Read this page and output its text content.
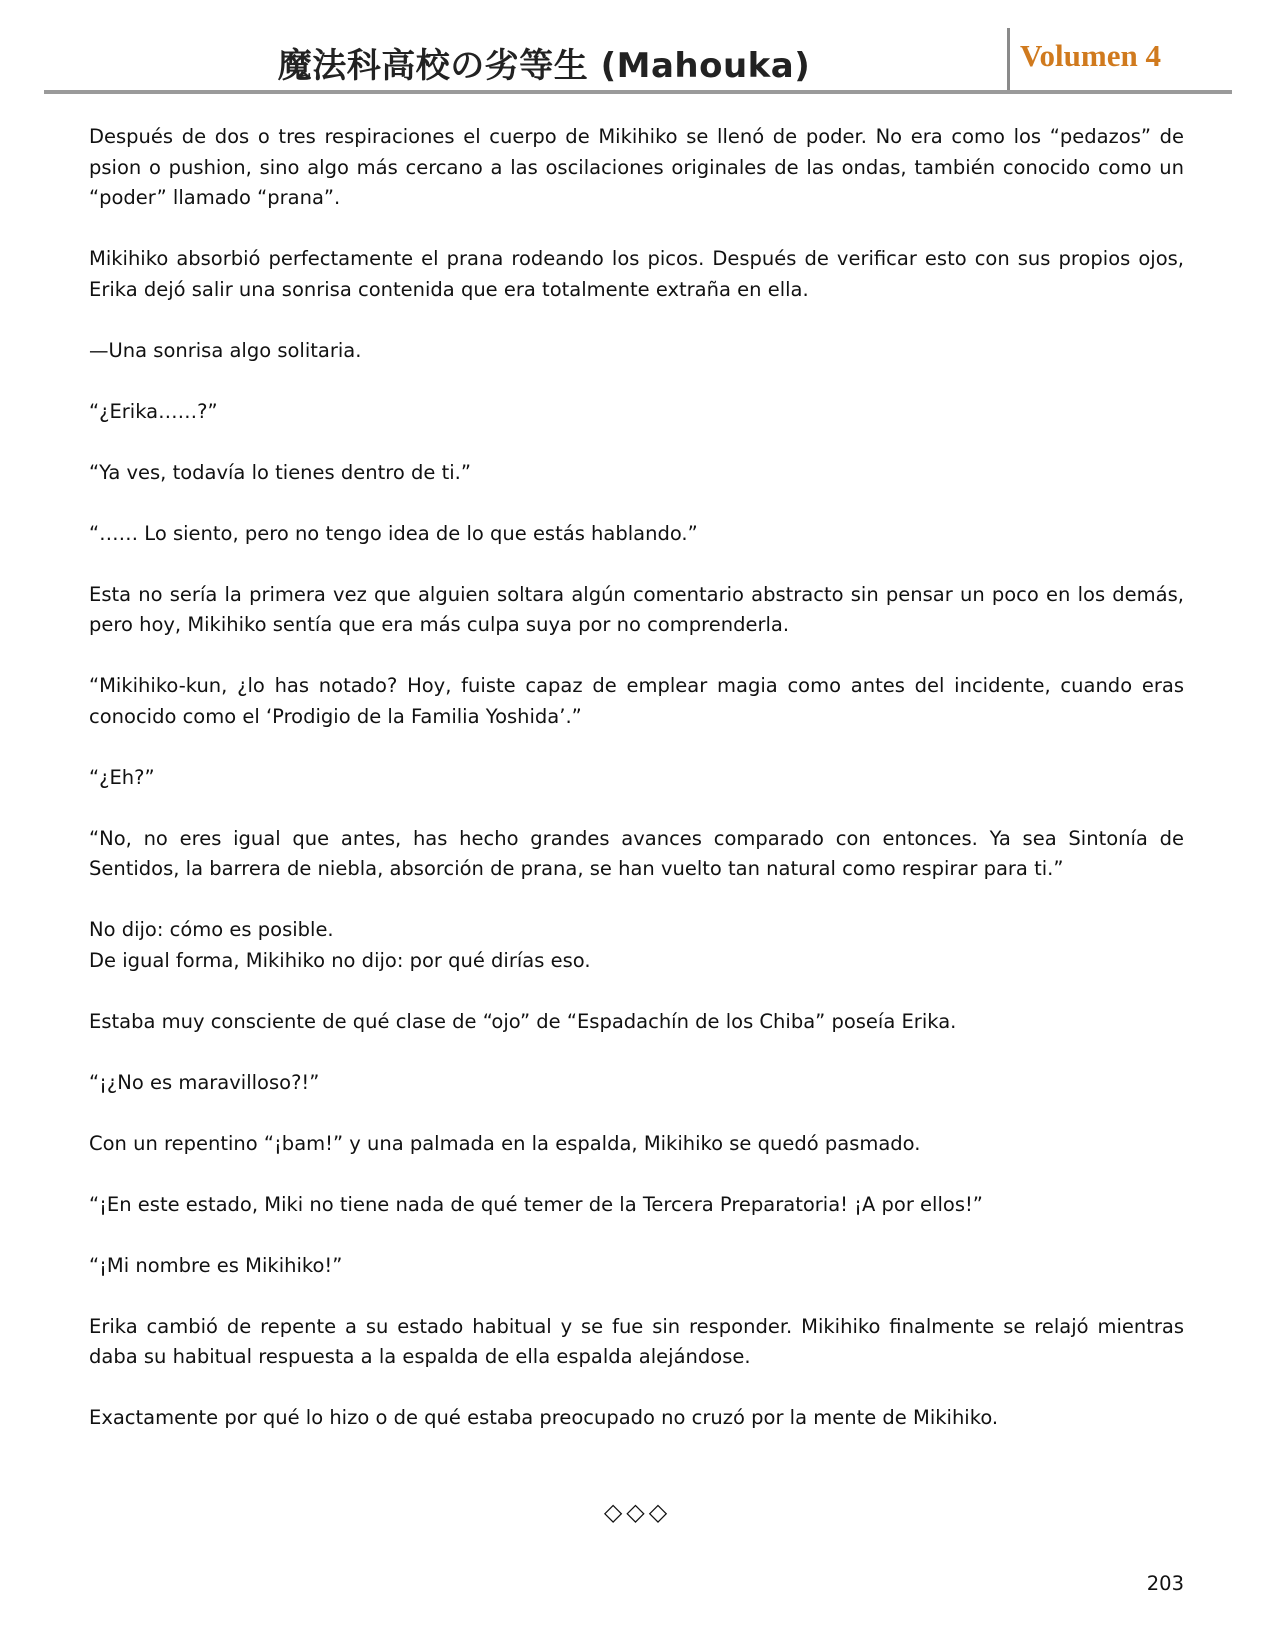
魔法科高校の劣等生 (Mahouka)	Volumen 4

Después de dos o tres respiraciones el cuerpo de Mikihiko se llenó de poder. No era como los “pedazos” de psion o pushion, sino algo más cercano a las oscilaciones originales de las ondas, también conocido como un “poder” llamado “prana”.

Mikihiko absorbió perfectamente el prana rodeando los picos. Después de verificar esto con sus propios ojos, Erika dejó salir una sonrisa contenida que era totalmente extraña en ella.

—Una sonrisa algo solitaria.

“¿Erika……?”

“Ya ves, todavía lo tienes dentro de ti.”

“…… Lo siento, pero no tengo idea de lo que estás hablando.”

Esta no sería la primera vez que alguien soltara algún comentario abstracto sin pensar un poco en los demás, pero hoy, Mikihiko sentía que era más culpa suya por no comprenderla.

“Mikihiko-kun, ¿lo has notado? Hoy, fuiste capaz de emplear magia como antes del incidente, cuando eras conocido como el ‘Prodigio de la Familia Yoshida’.”

“¿Eh?”

“No, no eres igual que antes, has hecho grandes avances comparado con entonces. Ya sea Sintonía de Sentidos, la barrera de niebla, absorción de prana, se han vuelto tan natural como respirar para ti.”

No dijo: cómo es posible.

De igual forma, Mikihiko no dijo: por qué dirías eso.

Estaba muy consciente de qué clase de “ojo” de “Espadachín de los Chiba” poseía Erika.

“¡¿No es maravilloso?!”

Con un repentino “¡bam!” y una palmada en la espalda, Mikihiko se quedó pasmado.

“¡En este estado, Miki no tiene nada de qué temer de la Tercera Preparatoria! ¡A por ellos!”

“¡Mi nombre es Mikihiko!”

Erika cambió de repente a su estado habitual y se fue sin responder. Mikihiko finalmente se relajó mientras daba su habitual respuesta a la espalda de ella espalda alejándose.

Exactamente por qué lo hizo o de qué estaba preocupado no cruzó por la mente de Mikihiko.

◇◇◇
203
